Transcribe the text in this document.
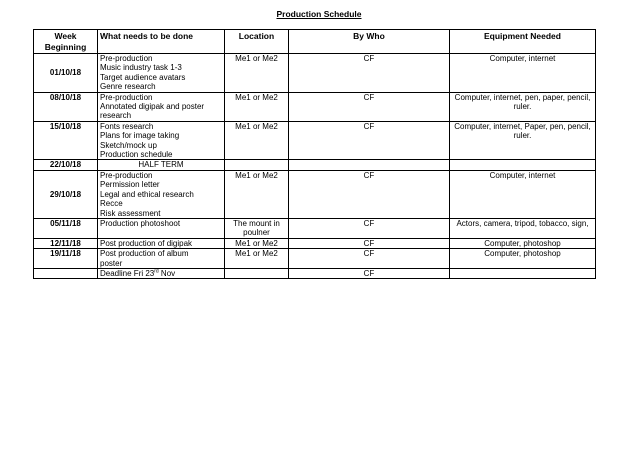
Production Schedule
Week Beginning	What needs to be done	Location	By Who	Equipment Needed
01/10/18	Pre-production
Music industry task 1-3
Target audience avatars
Genre research	Me1 or Me2	CF	Computer, internet
08/10/18	Pre-production
Annotated digipak and poster
research	Me1 or Me2	CF	Computer, internet, pen, paper, pencil, ruler.
15/10/18	Fonts research
Plans for image taking
Sketch/mock up
Production schedule	Me1 or Me2	CF	Computer, internet, Paper, pen, pencil, ruler.
22/10/18	HALF TERM			

29/10/18	Pre-production
Permission letter
Legal and ethical research
Recce
Risk assessment	Me1 or Me2	CF	Computer, internet
05/11/18	Production photoshoot	The mount in poulner	CF	Actors, camera, tripod, tobacco, sign,
12/11/18	Post production of digipak	Me1 or Me2	CF	Computer, photoshop
19/11/18	Post production of album
poster	Me1 or Me2	CF	Computer, photoshop

	Deadline Fri 23rd Nov		CF	
